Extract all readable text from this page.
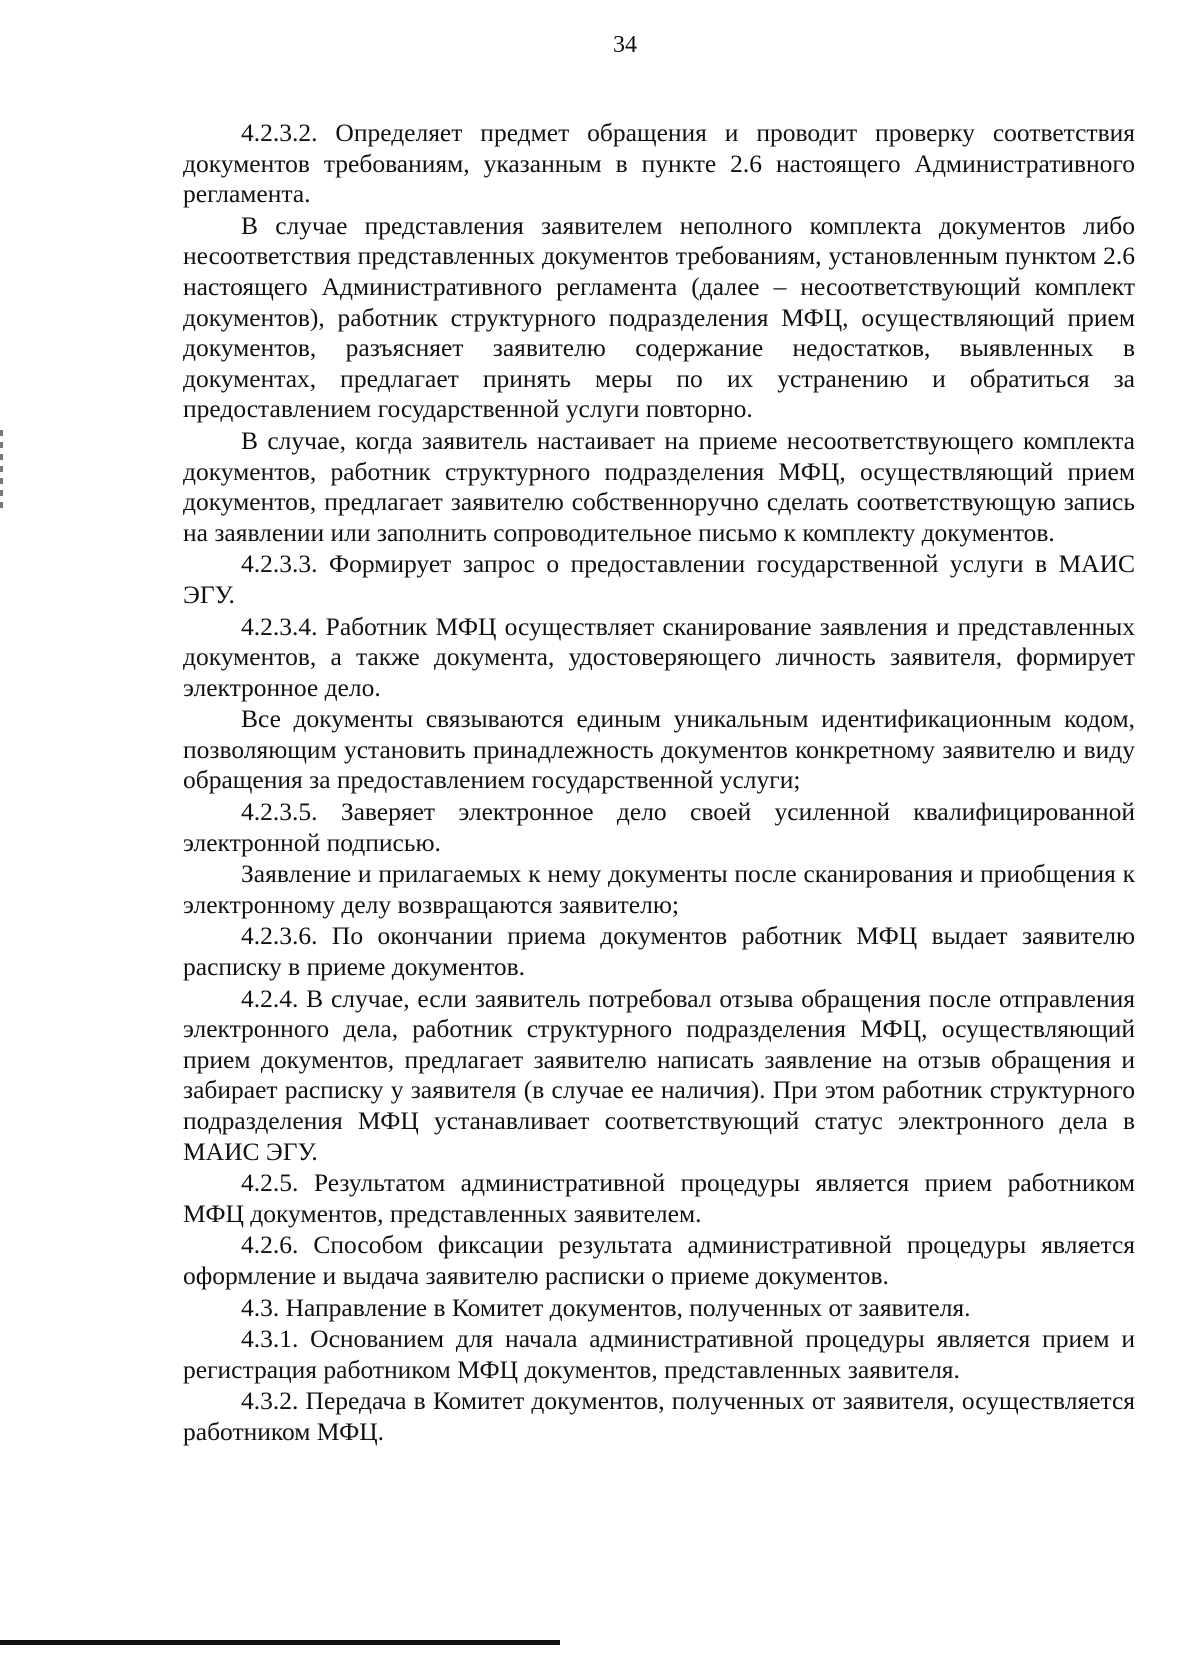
34

4.2.3.2. Определяет предмет обращения и проводит проверку соответствия документов требованиям, указанным в пункте 2.6 настоящего Административного регламента.

В случае представления заявителем неполного комплекта документов либо несоответствия представленных документов требованиям, установленным пунктом 2.6 настоящего Административного регламента (далее – несоответствующий комплект документов), работник структурного подразделения МФЦ, осуществляющий прием документов, разъясняет заявителю содержание недостатков, выявленных в документах, предлагает принять меры по их устранению и обратиться за предоставлением государственной услуги повторно.

В случае, когда заявитель настаивает на приеме несоответствующего комплекта документов, работник структурного подразделения МФЦ, осуществляющий прием документов, предлагает заявителю собственноручно сделать соответствующую запись на заявлении или заполнить сопроводительное письмо к комплекту документов.

4.2.3.3. Формирует запрос о предоставлении государственной услуги в МАИС ЭГУ.

4.2.3.4. Работник МФЦ осуществляет сканирование заявления и представленных документов, а также документа, удостоверяющего личность заявителя, формирует электронное дело.

Все документы связываются единым уникальным идентификационным кодом, позволяющим установить принадлежность документов конкретному заявителю и виду обращения за предоставлением государственной услуги;

4.2.3.5. Заверяет электронное дело своей усиленной квалифицированной электронной подписью.

Заявление и прилагаемых к нему документы после сканирования и приобщения к электронному делу возвращаются заявителю;

4.2.3.6. По окончании приема документов работник МФЦ выдает заявителю расписку в приеме документов.

4.2.4. В случае, если заявитель потребовал отзыва обращения после отправления электронного дела, работник структурного подразделения МФЦ, осуществляющий прием документов, предлагает заявителю написать заявление на отзыв обращения и забирает расписку у заявителя (в случае ее наличия). При этом работник структурного подразделения МФЦ устанавливает соответствующий статус электронного дела в МАИС ЭГУ.

4.2.5. Результатом административной процедуры является прием работником МФЦ документов, представленных заявителем.

4.2.6. Способом фиксации результата административной процедуры является оформление и выдача заявителю расписки о приеме документов.

4.3. Направление в Комитет документов, полученных от заявителя.

4.3.1. Основанием для начала административной процедуры является прием и регистрация работником МФЦ документов, представленных заявителя.

4.3.2. Передача в Комитет документов, полученных от заявителя, осуществляется работником МФЦ.
